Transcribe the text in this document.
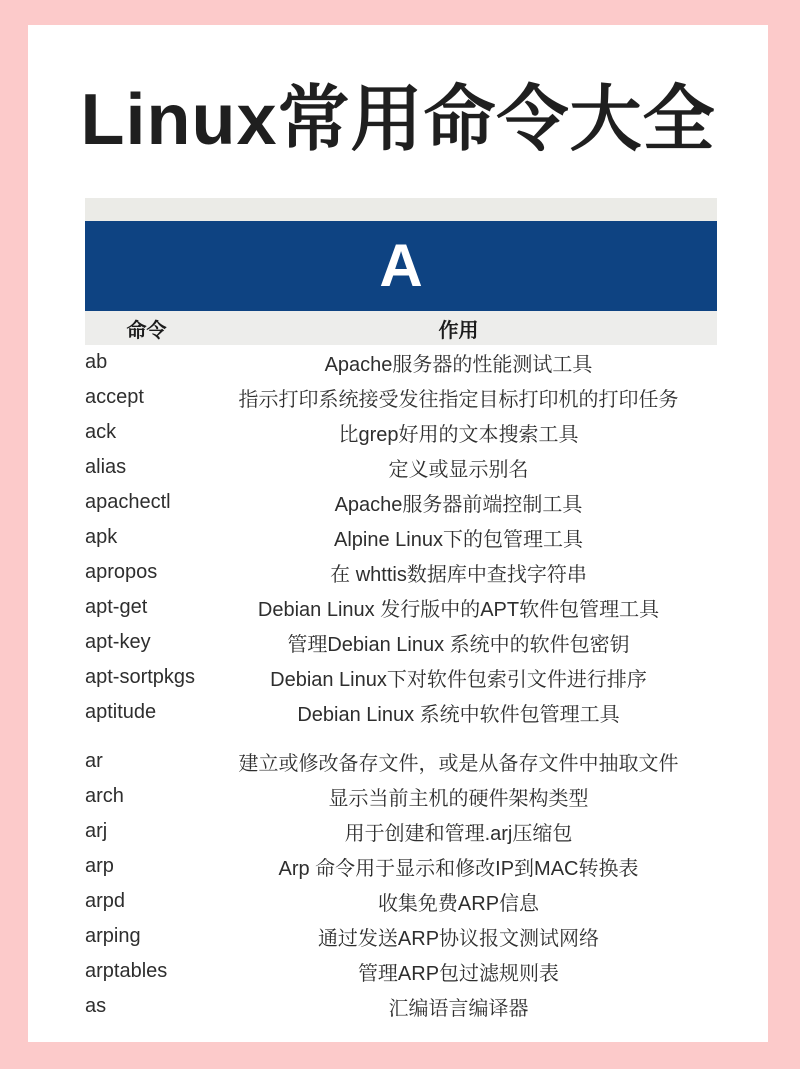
Linux常用命令大全
A
命令	作用
ab	Apache服务器的性能测试工具
accept	指示打印系统接受发往指定目标打印机的打印任务
ack	比grep好用的文本搜索工具
alias	定义或显示别名
apachectl	Apache服务器前端控制工具
apk	Alpine Linux下的包管理工具
apropos	在 whttis数据库中查找字符串
apt-get	Debian Linux 发行版中的APT软件包管理工具
apt-key	管理Debian Linux 系统中的软件包密钥
apt-sortpkgs	Debian Linux下对软件包索引文件进行排序
aptitude	Debian Linux 系统中软件包管理工具
ar	建立或修改备存文件，或是从备存文件中抽取文件
arch	显示当前主机的硬件架构类型
arj	用于创建和管理.arj压缩包
arp	Arp 命令用于显示和修改IP到MAC转换表
arpd	收集免费ARP信息
arping	通过发送ARP协议报文测试网络
arptables	管理ARP包过滤规则表
as	汇编语言编译器
